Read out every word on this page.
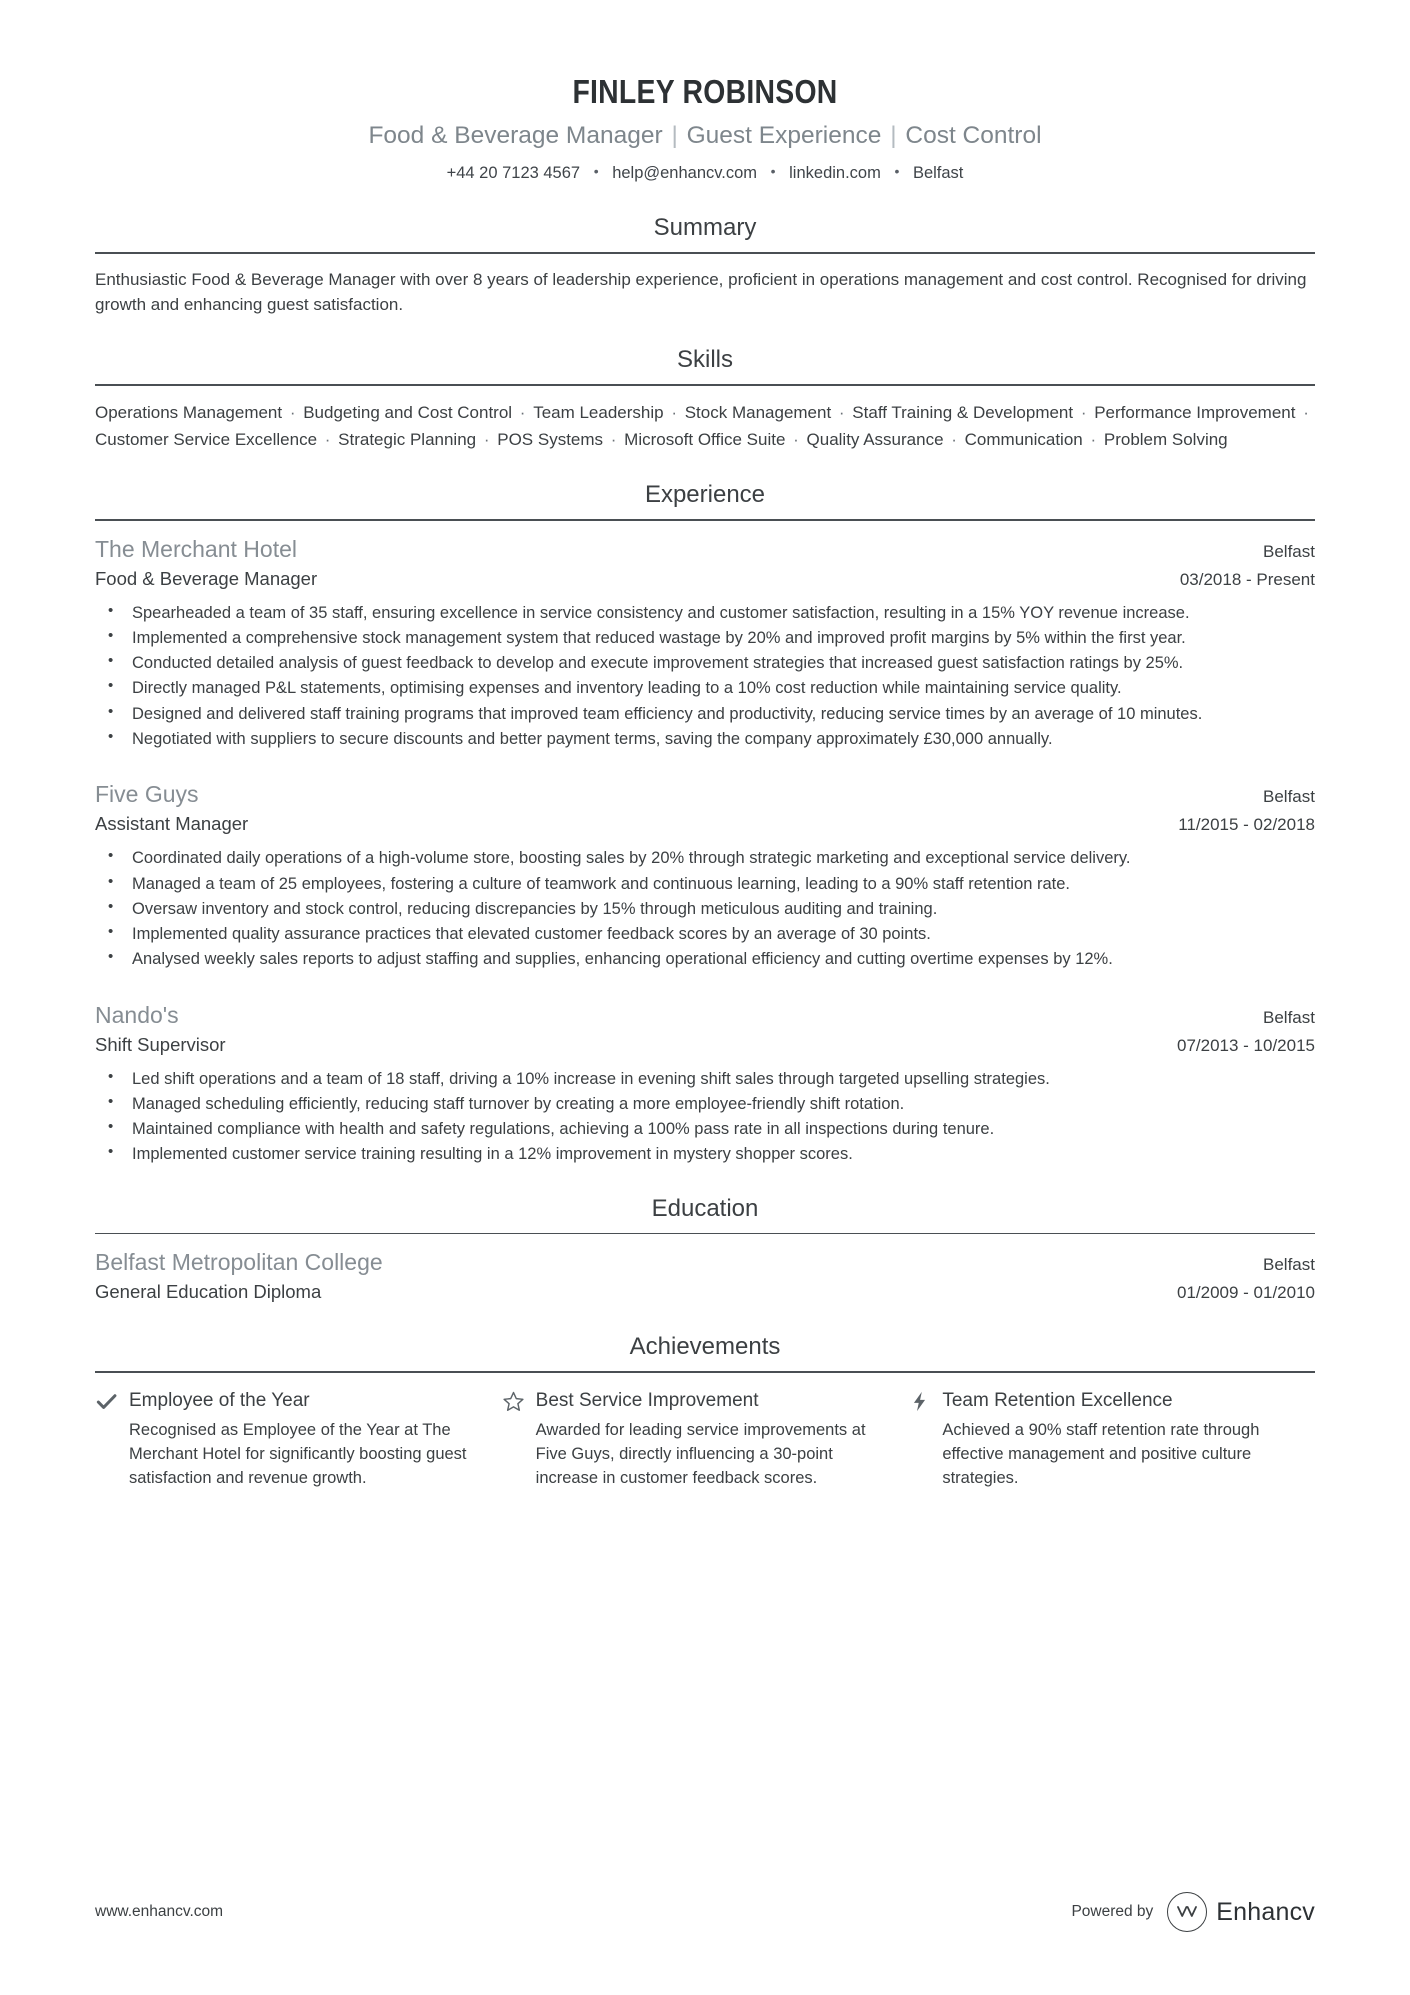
FINLEY ROBINSON
Food & Beverage Manager | Guest Experience | Cost Control
+44 20 7123 4567 • help@enhancv.com • linkedin.com • Belfast
Summary
Enthusiastic Food & Beverage Manager with over 8 years of leadership experience, proficient in operations management and cost control. Recognised for driving growth and enhancing guest satisfaction.
Skills
Operations Management · Budgeting and Cost Control · Team Leadership · Stock Management · Staff Training & Development · Performance Improvement · Customer Service Excellence · Strategic Planning · POS Systems · Microsoft Office Suite · Quality Assurance · Communication · Problem Solving
Experience
The Merchant Hotel	Belfast
Food & Beverage Manager	03/2018 - Present
• Spearheaded a team of 35 staff, ensuring excellence in service consistency and customer satisfaction, resulting in a 15% YOY revenue increase.
• Implemented a comprehensive stock management system that reduced wastage by 20% and improved profit margins by 5% within the first year.
• Conducted detailed analysis of guest feedback to develop and execute improvement strategies that increased guest satisfaction ratings by 25%.
• Directly managed P&L statements, optimising expenses and inventory leading to a 10% cost reduction while maintaining service quality.
• Designed and delivered staff training programs that improved team efficiency and productivity, reducing service times by an average of 10 minutes.
• Negotiated with suppliers to secure discounts and better payment terms, saving the company approximately £30,000 annually.
Five Guys	Belfast
Assistant Manager	11/2015 - 02/2018
• Coordinated daily operations of a high-volume store, boosting sales by 20% through strategic marketing and exceptional service delivery.
• Managed a team of 25 employees, fostering a culture of teamwork and continuous learning, leading to a 90% staff retention rate.
• Oversaw inventory and stock control, reducing discrepancies by 15% through meticulous auditing and training.
• Implemented quality assurance practices that elevated customer feedback scores by an average of 30 points.
• Analysed weekly sales reports to adjust staffing and supplies, enhancing operational efficiency and cutting overtime expenses by 12%.
Nando's	Belfast
Shift Supervisor	07/2013 - 10/2015
• Led shift operations and a team of 18 staff, driving a 10% increase in evening shift sales through targeted upselling strategies.
• Managed scheduling efficiently, reducing staff turnover by creating a more employee-friendly shift rotation.
• Maintained compliance with health and safety regulations, achieving a 100% pass rate in all inspections during tenure.
• Implemented customer service training resulting in a 12% improvement in mystery shopper scores.
Education
Belfast Metropolitan College	Belfast
General Education Diploma	01/2009 - 01/2010
Achievements
Employee of the Year
Recognised as Employee of the Year at The Merchant Hotel for significantly boosting guest satisfaction and revenue growth.
Best Service Improvement
Awarded for leading service improvements at Five Guys, directly influencing a 30-point increase in customer feedback scores.
Team Retention Excellence
Achieved a 90% staff retention rate through effective management and positive culture strategies.
www.enhancv.com	Powered by	Enhancv
